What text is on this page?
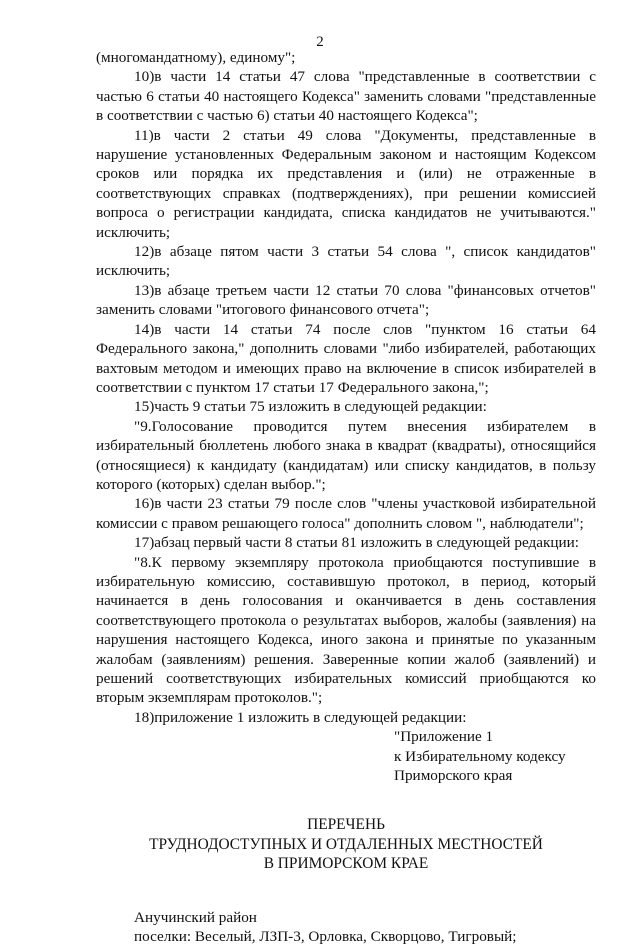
2

(многомандатному), единому";

10)в части 14 статьи 47 слова "представленные в соответствии с частью 6 статьи 40 настоящего Кодекса" заменить словами "представленные в соответствии с частью 6) статьи 40 настоящего Кодекса";

11)в части 2 статьи 49 слова "Документы, представленные в нарушение установленных Федеральным законом и настоящим Кодексом сроков или порядка их представления и (или) не отраженные в соответствующих справках (подтверждениях), при решении комиссией вопроса о регистрации кандидата, списка кандидатов не учитываются." исключить;

12)в абзаце пятом части 3 статьи 54 слова ", список кандидатов" исключить;

13)в абзаце третьем части 12 статьи 70 слова "финансовых отчетов" заменить словами "итогового финансового отчета";

14)в части 14 статьи 74 после слов "пунктом 16 статьи 64 Федерального закона," дополнить словами "либо избирателей, работающих вахтовым методом и имеющих право на включение в список избирателей в соответствии с пунктом 17 статьи 17 Федерального закона,";

15)часть 9 статьи 75 изложить в следующей редакции:

"9.Голосование проводится путем внесения избирателем в избирательный бюллетень любого знака в квадрат (квадраты), относящийся (относящиеся) к кандидату (кандидатам) или списку кандидатов, в пользу которого (которых) сделан выбор.";

16)в части 23 статьи 79 после слов "члены участковой избирательной комиссии с правом решающего голоса" дополнить словом ", наблюдатели";

17)абзац первый части 8 статьи 81 изложить в следующей редакции:

"8.К первому экземпляру протокола приобщаются поступившие в избирательную комиссию, составившую протокол, в период, который начинается в день голосования и оканчивается в день составления соответствующего протокола о результатах выборов, жалобы (заявления) на нарушения настоящего Кодекса, иного закона и принятые по указанным жалобам (заявлениям) решения. Заверенные копии жалоб (заявлений) и решений соответствующих избирательных комиссий приобщаются ко вторым экземплярам протоколов.";

18)приложение 1 изложить в следующей редакции:

"Приложение 1
к Избирательному кодексу
Приморского края
ПЕРЕЧЕНЬ
ТРУДНОДОСТУПНЫХ И ОТДАЛЕННЫХ МЕСТНОСТЕЙ
В ПРИМОРСКОМ КРАЕ
Анучинский район
поселки: Веселый, ЛЗП-3, Орловка, Скворцово, Тигровый;
